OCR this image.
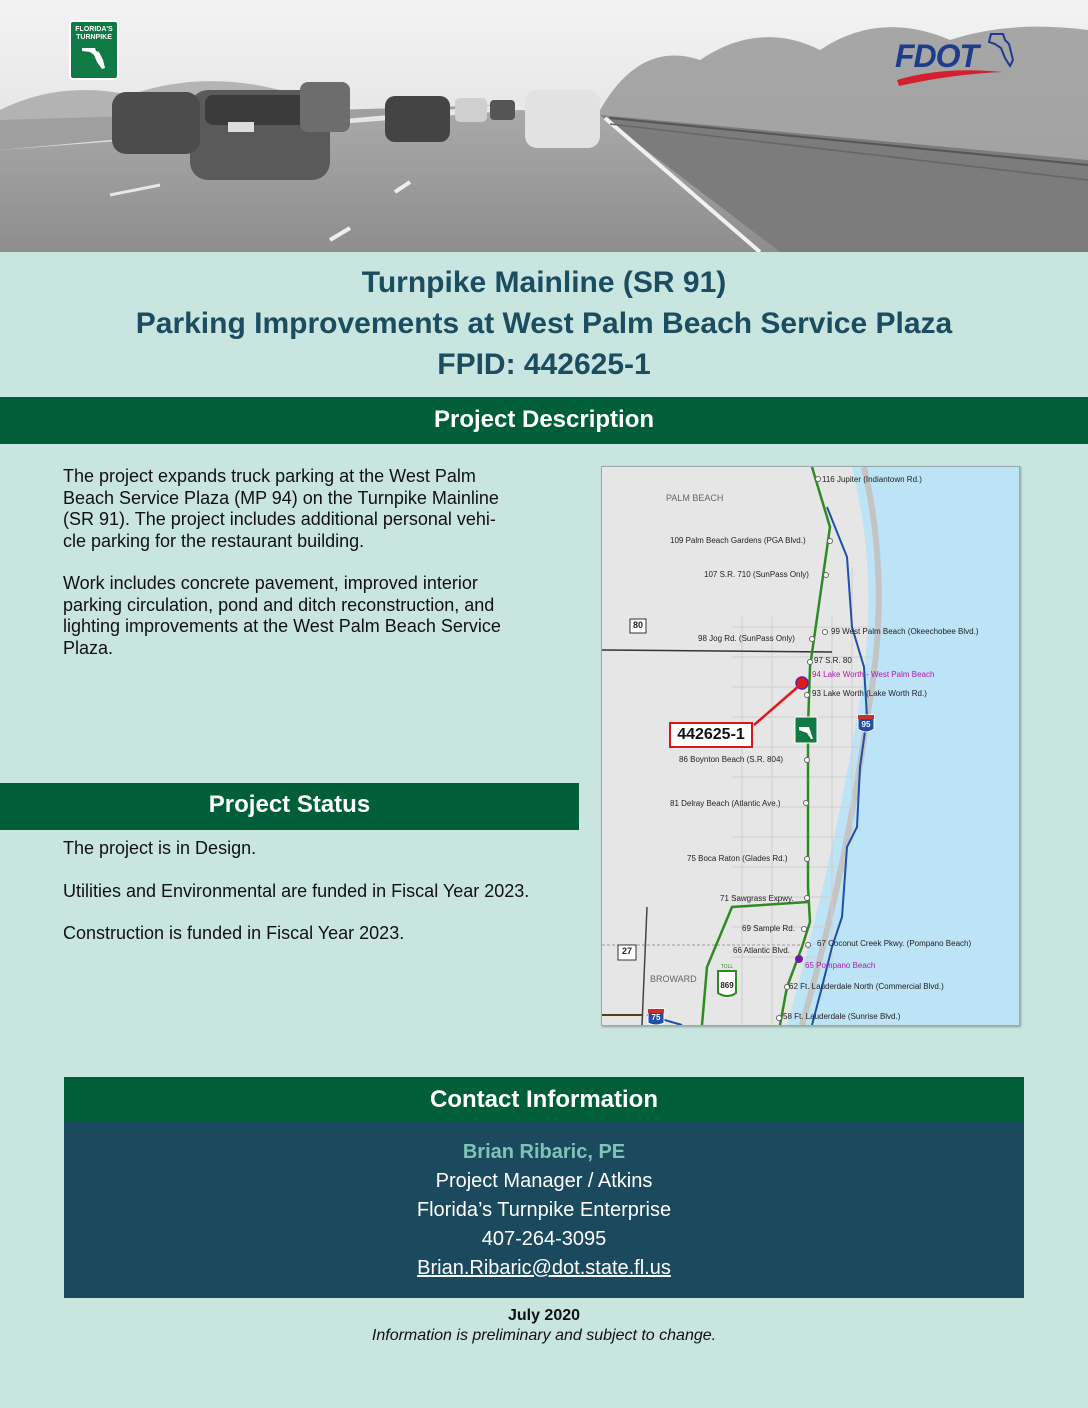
FLORIDA'S
TURNPIKE
FDOT
Turnpike Mainline (SR 91)
Parking Improvements at West Palm Beach Service Plaza
FPID: 442625-1
Project Description

The project expands truck parking at the West Palm
Beach Service Plaza (MP 94) on the Turnpike Mainline
(SR 91). The project includes additional personal vehi-
cle parking for the restaurant building.

Work includes concrete pavement, improved interior
parking circulation, pond and ditch reconstruction, and
lighting improvements at the West Palm Beach Service
Plaza.

Project Status

The project is in Design.

Utilities and Environmental are funded in Fiscal Year 2023.

Construction is funded in Fiscal Year 2023.

PALM BEACH
BROWARD
116 Jupiter (Indiantown Rd.)
109 Palm Beach Gardens (PGA Blvd.)
107 S.R. 710 (SunPass Only)
98 Jog Rd. (SunPass Only)
99 West Palm Beach (Okeechobee Blvd.)
97 S.R. 80
94 Lake Worth - West Palm Beach
93 Lake Worth (Lake Worth Rd.)
86 Boynton Beach (S.R. 804)
81 Delray Beach (Atlantic Ave.)
75 Boca Raton (Glades Rd.)
71 Sawgrass Expwy.
69 Sample Rd.
66 Atlantic Blvd.
67 Coconut Creek Pkwy. (Pompano Beach)
65 Pompano Beach
62 Ft. Lauderdale North (Commercial Blvd.)
58 Ft. Lauderdale (Sunrise Blvd.)
80
95
27
TOLL
869
75
442625-1
Contact Information
Brian Ribaric, PE
Project Manager / Atkins
Florida’s Turnpike Enterprise
407-264-3095
Brian.Ribaric@dot.state.fl.us
July 2020
Information is preliminary and subject to change.
